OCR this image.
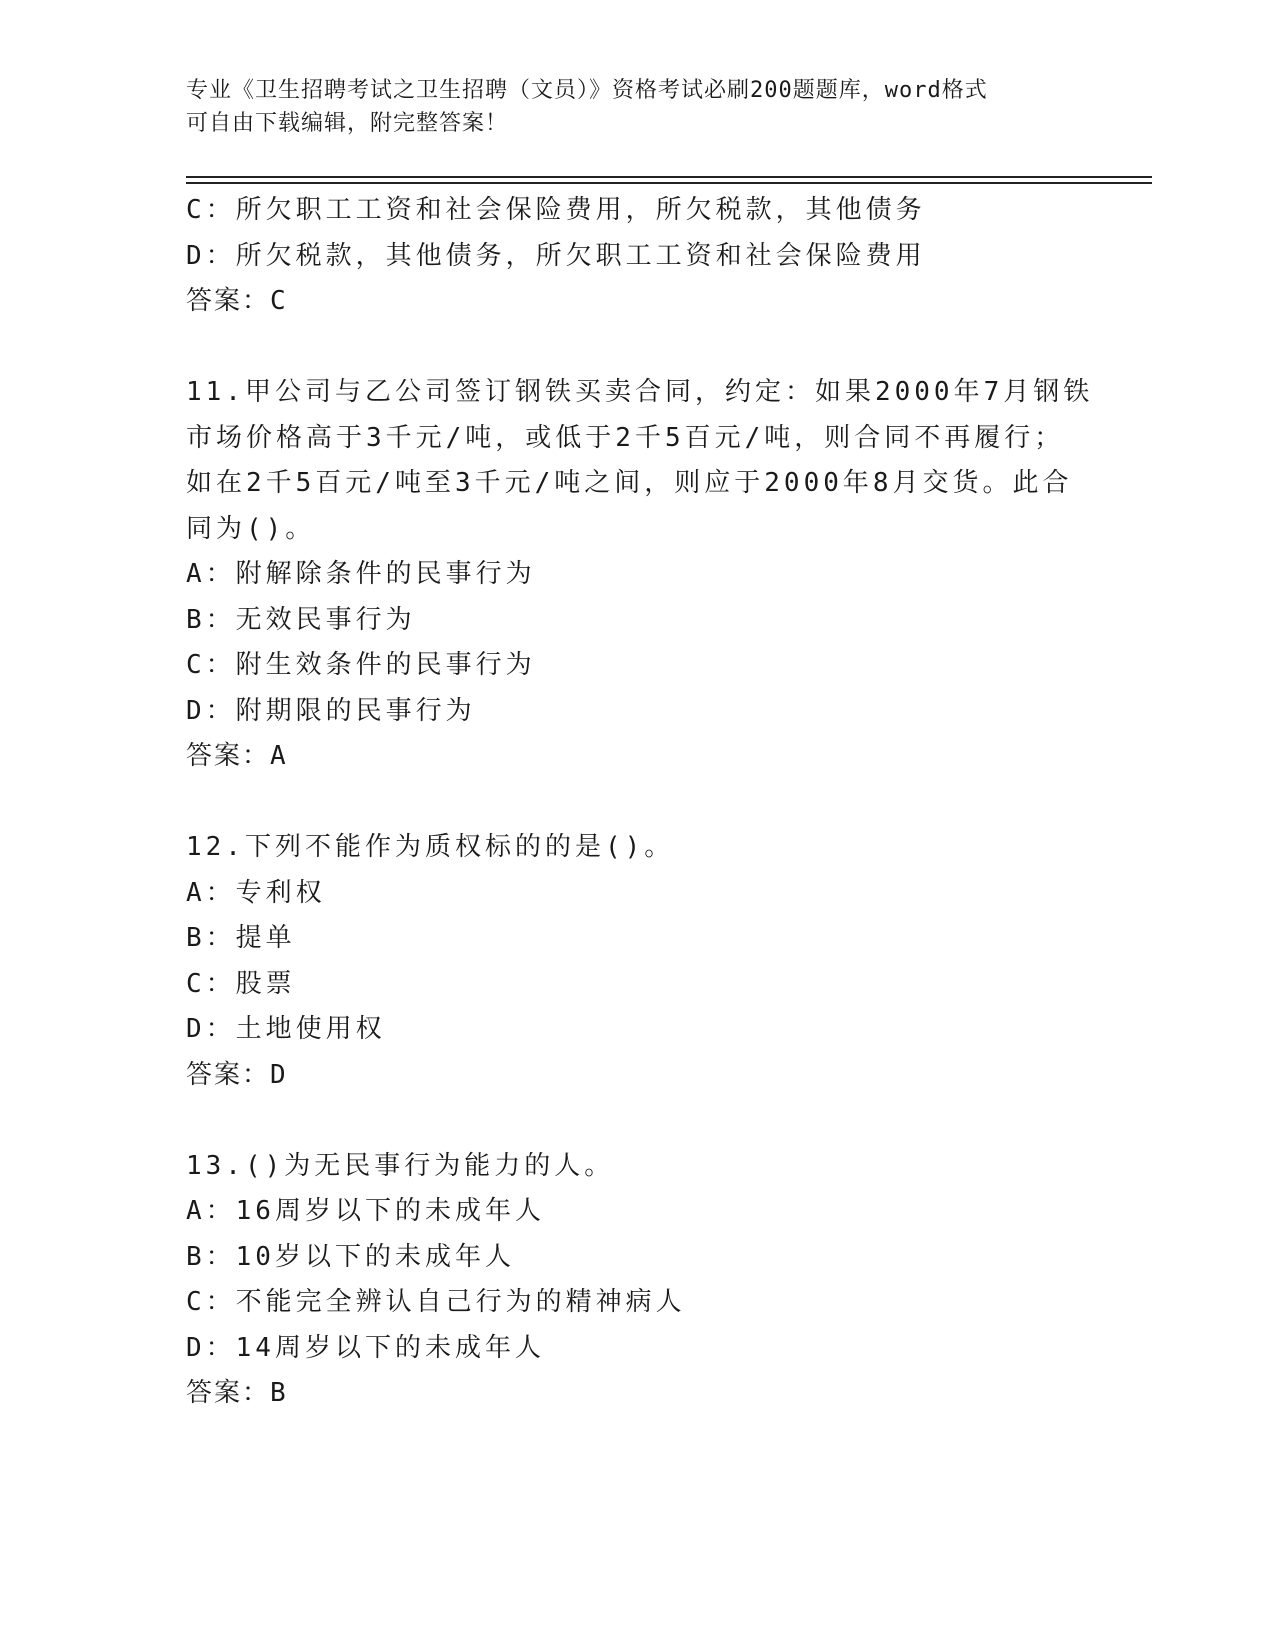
专业《卫生招聘考试之卫生招聘（文员）》资格考试必刷200题题库，word格式
可自由下载编辑，附完整答案！
C：所欠职工工资和社会保险费用，所欠税款，其他债务
D：所欠税款，其他债务，所欠职工工资和社会保险费用
答案：C
11.甲公司与乙公司签订钢铁买卖合同，约定：如果2000年7月钢铁
市场价格高于3千元/吨，或低于2千5百元/吨，则合同不再履行；
如在2千5百元/吨至3千元/吨之间，则应于2000年8月交货。此合
同为()。
A：附解除条件的民事行为
B：无效民事行为
C：附生效条件的民事行为
D：附期限的民事行为
答案：A
12.下列不能作为质权标的的是()。
A：专利权
B：提单
C：股票
D：土地使用权
答案：D
13.()为无民事行为能力的人。
A：16周岁以下的未成年人
B：10岁以下的未成年人
C：不能完全辨认自己行为的精神病人
D：14周岁以下的未成年人
答案：B
